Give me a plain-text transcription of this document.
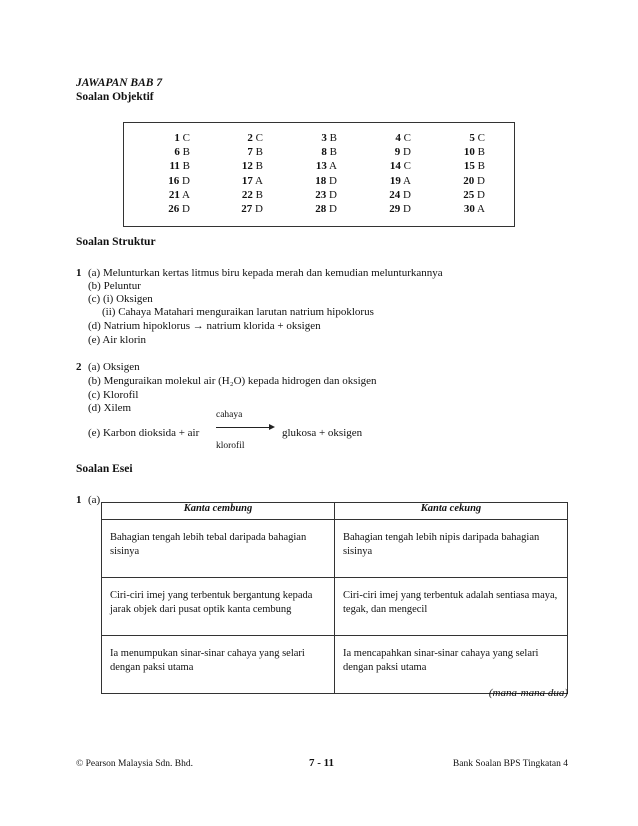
JAWAPAN BAB 7
Soalan Objektif
1 C	2 C	3 B	4 C	5 C
6 B	7 B	8 B	9 D	10 B
11 B	12 B	13 A	14 C	15 B
16 D	17 A	18 D	19 A	20 D
21 A	22 B	23 D	24 D	25 D
26 D	27 D	28 D	29 D	30 A
Soalan Struktur
1 (a) Melunturkan kertas litmus biru kepada merah dan kemudian melunturkannya
(b) Peluntur
(c) (i) Oksigen
(ii) Cahaya Matahari menguraikan larutan natrium hipoklorus
(d) Natrium hipoklorus → natrium klorida + oksigen
(e) Air klorin
2 (a) Oksigen
(b) Menguraikan molekul air (H₂O) kepada hidrogen dan oksigen
(c) Klorofil
(d) Xilem
cahaya
(e) Karbon dioksida + air
klorofil
glukosa + oksigen
Soalan Esei
1 (a)
Kanta cembung	Kanta cekung
Bahagian tengah lebih tebal daripada bahagian sisinya	Bahagian tengah lebih nipis daripada bahagian sisinya
Ciri-ciri imej yang terbentuk bergantung kepada jarak objek dari pusat optik kanta cembung	Ciri-ciri imej yang terbentuk adalah sentiasa maya, tegak, dan mengecil
Ia menumpukan sinar-sinar cahaya yang selari dengan paksi utama	Ia mencapahkan sinar-sinar cahaya yang selari dengan paksi utama
(mana-mana dua)
© Pearson Malaysia Sdn. Bhd.	7 - 11	Bank Soalan BPS Tingkatan 4
